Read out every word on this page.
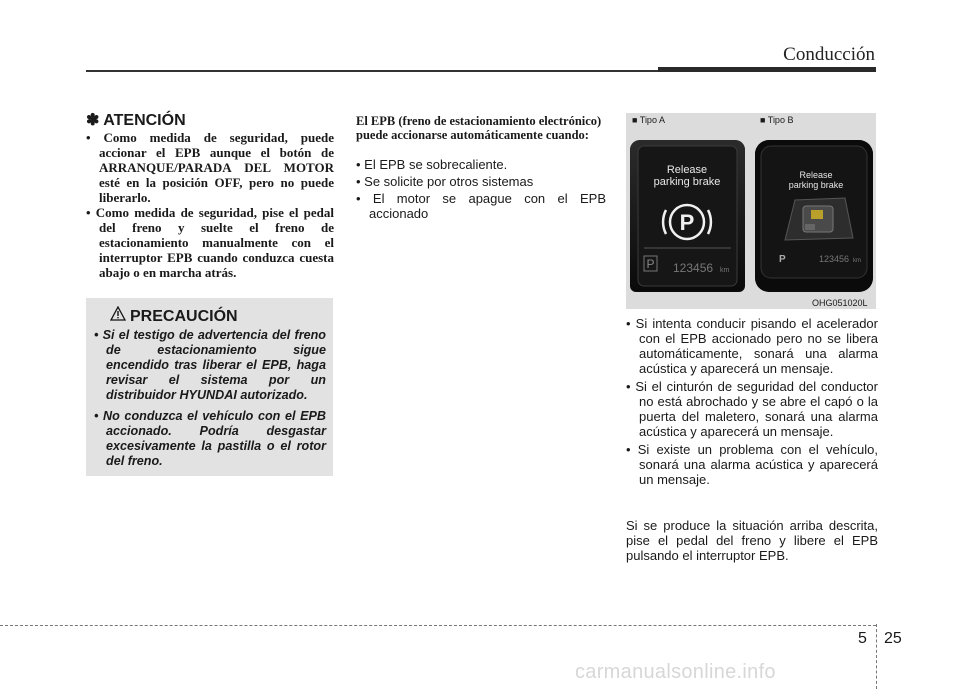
Conducción
✽ ATENCIÓN
• Como medida de seguridad, puede accionar el EPB aunque el botón de ARRANQUE/PARADA DEL MOTOR esté en la posición OFF, pero no puede liberarlo.
• Como medida de seguridad, pise el pedal del freno y suelte el freno de estacionamiento manualmente con el interruptor EPB cuando conduzca cuesta abajo o en marcha atrás.
PRECAUCIÓN
• Si el testigo de advertencia del freno de estacionamiento sigue encendido tras liberar el EPB, haga revisar el sistema por un distribuidor HYUNDAI autorizado.
• No conduzca el vehículo con el EPB accionado. Podría desgastar excesivamente la pastilla o el rotor del freno.
El EPB (freno de estacionamiento electrónico) puede accionarse automáticamente cuando:
• El EPB se sobrecaliente.
• Se solicite por otros sistemas
• El motor se apague con el EPB accionado
■ Tipo A	■ Tipo B
Release
parking brake
P
P 123456 km
Release
parking brake
P	123456 km
OHG051020L
• Si intenta conducir pisando el acelerador con el EPB accionado pero no se libera automáticamente, sonará una alarma acústica y aparecerá un mensaje.
• Si el cinturón de seguridad del conductor no está abrochado y se abre el capó o la puerta del maletero, sonará una alarma acústica y aparecerá un mensaje.
• Si existe un problema con el vehículo, sonará una alarma acústica y aparecerá un mensaje.
Si se produce la situación arriba descrita, pise el pedal del freno y libere el EPB pulsando el interruptor EPB.
5 25
carmanualsonline.info
